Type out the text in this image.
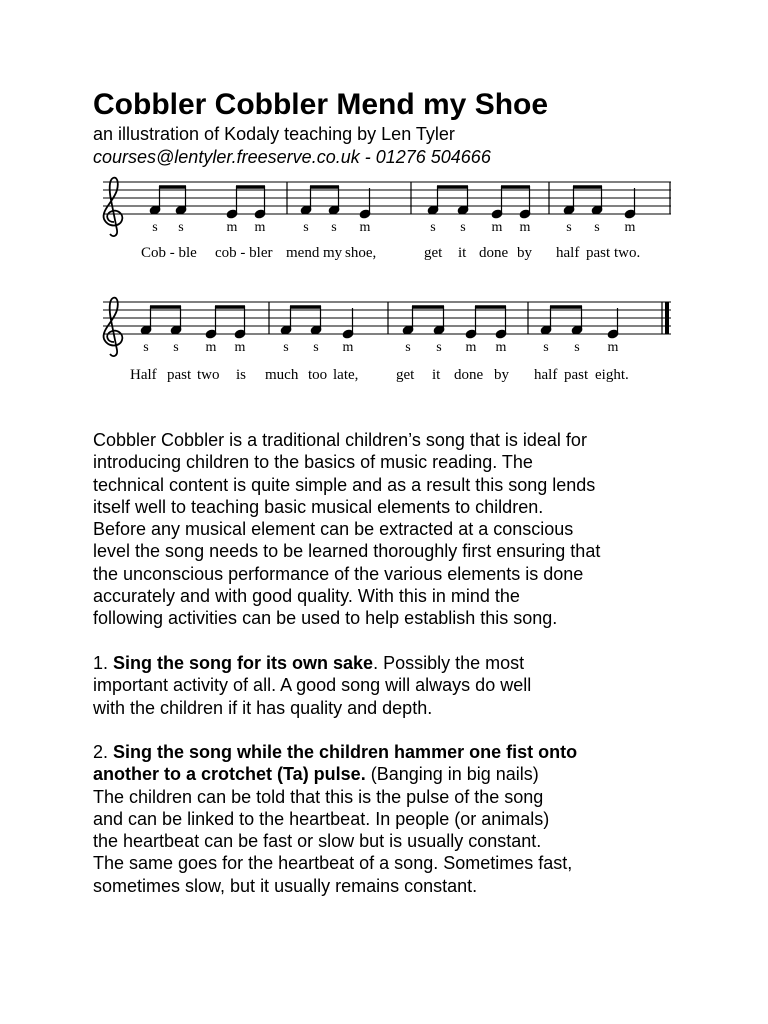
Cobbler Cobbler Mend my Shoe
an illustration of Kodaly teaching by Len Tyler
courses@lentyler.freeserve.co.uk - 01276 504666
s s	m m	s s m	s s m m	s s m
Cob - ble cob - bler mend my shoe,	get it done by half past two.
s s m m	s s m	s s m m	s s m
Half past two is much too late,	get it done by half past eight.
Cobbler Cobbler is a traditional children’s song that is ideal for
introducing children to the basics of music reading. The
technical content is quite simple and as a result this song lends
itself well to teaching basic musical elements to children.
Before any musical element can be extracted at a conscious
level the song needs to be learned thoroughly first ensuring that
the unconscious performance of the various elements is done
accurately and with good quality. With this in mind the
following activities can be used to help establish this song.
1. Sing the song for its own sake. Possibly the most
important activity of all. A good song will always do well
with the children if it has quality and depth.
2. Sing the song while the children hammer one fist onto
another to a crotchet (Ta) pulse. (Banging in big nails)
The children can be told that this is the pulse of the song
and can be linked to the heartbeat. In people (or animals)
the heartbeat can be fast or slow but is usually constant.
The same goes for the heartbeat of a song. Sometimes fast,
sometimes slow, but it usually remains constant.
